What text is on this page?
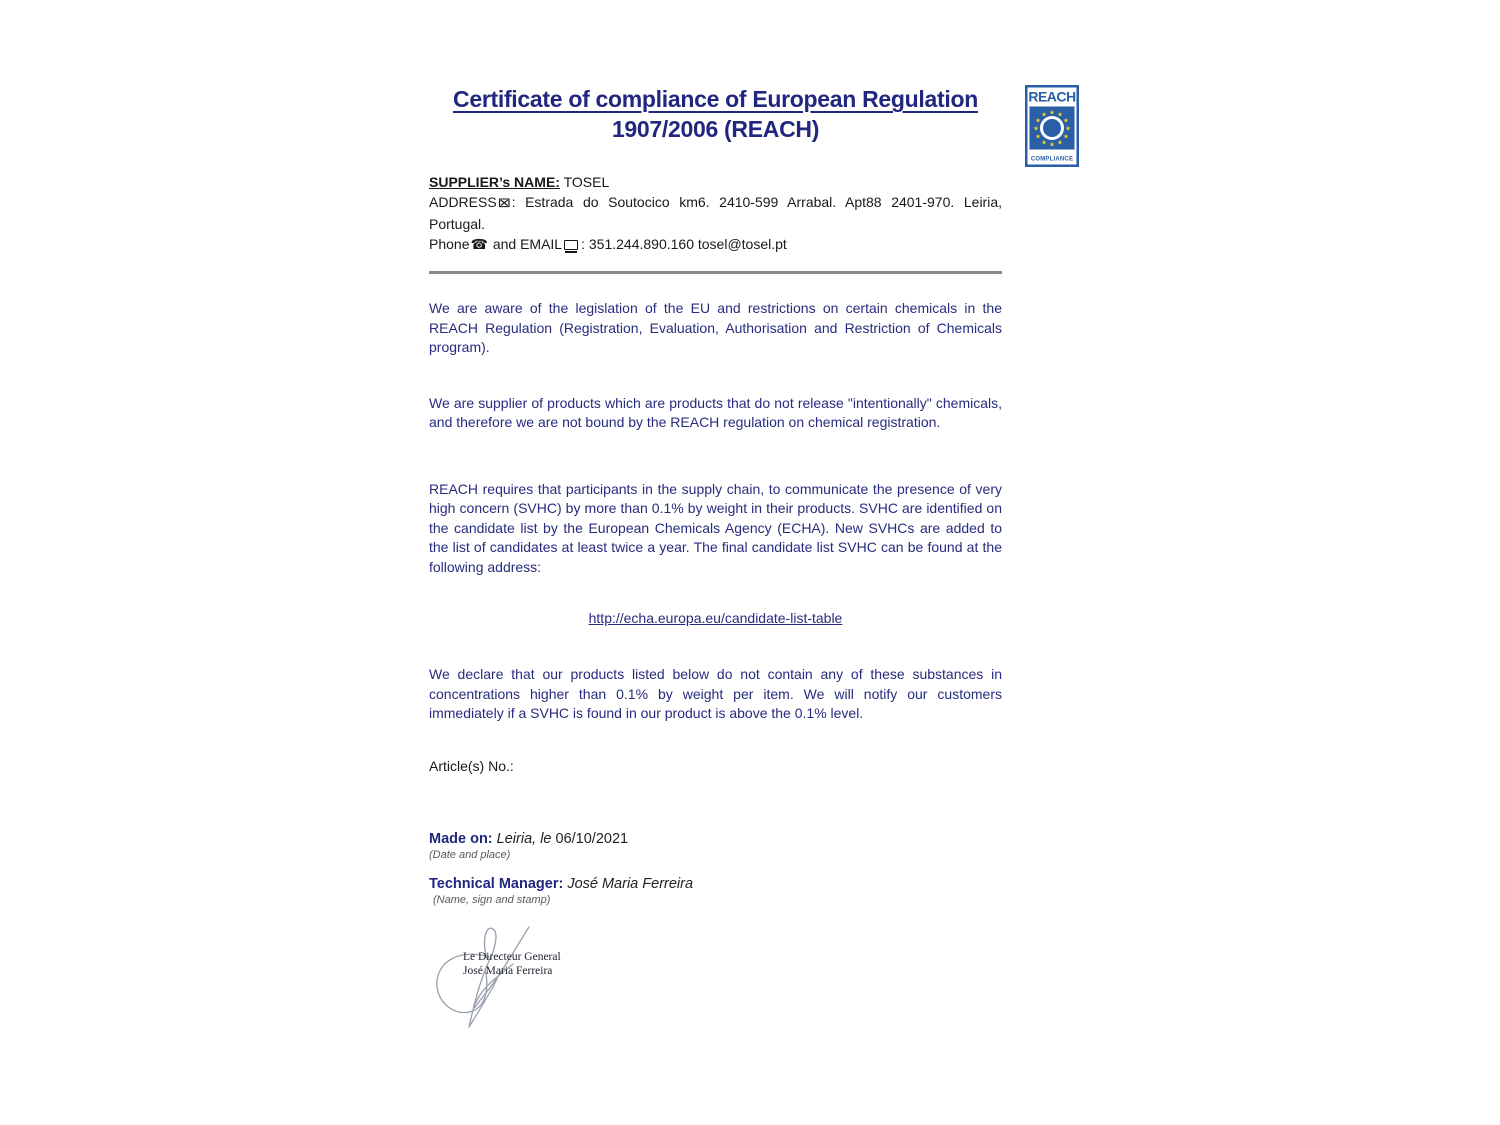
REACH
★ ★
★
★
★
★
★
★
★
★
★
★
COMPLIANCE
Certificate of compliance of European Regulation
1907/2006 (REACH)
SUPPLIER’s NAME: TOSEL
ADDRESS⊠: Estrada do Soutocico km6. 2410-599 Arrabal. Apt88 2401-970. Leiria, Portugal.
Phone☎ and EMAIL : 351.244.890.160 tosel@tosel.pt

We are aware of the legislation of the EU and restrictions on certain chemicals in the REACH Regulation (Registration, Evaluation, Authorisation and Restriction of Chemicals program).

We are supplier of products which are products that do not release "intentionally" chemicals, and therefore we are not bound by the REACH regulation on chemical registration.

REACH requires that participants in the supply chain, to communicate the presence of very high concern (SVHC) by more than 0.1% by weight in their products. SVHC are identified on the candidate list by the European Chemicals Agency (ECHA). New SVHCs are added to the list of candidates at least twice a year. The final candidate list SVHC can be found at the following address:

http://echa.europa.eu/candidate-list-table

We declare that our products listed below do not contain any of these substances in concentrations higher than 0.1% by weight per item. We will notify our customers immediately if a SVHC is found in our product is above the 0.1% level.

Article(s) No.:
Made on: Leiria, le 06/10/2021
(Date and place)
Technical Manager: José Maria Ferreira
(Name, sign and stamp)
Le Directeur General
José Maria Ferreira
